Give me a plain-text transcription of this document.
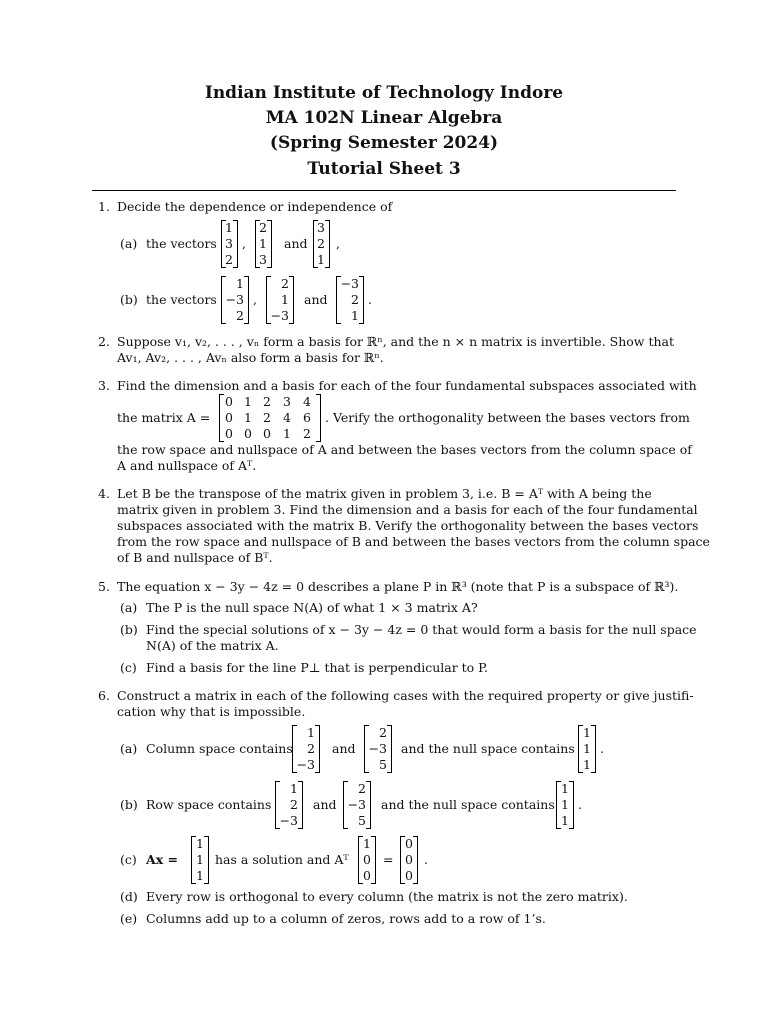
Indian Institute of Technology Indore
MA 102N Linear Algebra
(Spring Semester 2024)
Tutorial Sheet 3
1. Decide the dependence or independence of
(a) the vectors
1
3
2
,
2
1
3
and
3
2
1
,
(b) the vectors
1
−3
2
,
2
1
−3
and
−3
2
1
.
2. Suppose v₁, v₂, . . . , vₙ form a basis for ℝⁿ, and the n × n matrix is invertible. Show that
Av₁, Av₂, . . . , Avₙ also form a basis for ℝⁿ.
3. Find the dimension and a basis for each of the four fundamental subspaces associated with
the matrix A =
0 1 2 3 4
0 1 2 4 6
0 0 0 1 2
. Verify the orthogonality between the bases vectors from
the row space and nullspace of A and between the bases vectors from the column space of
A and nullspace of Aᵀ.
4. Let B be the transpose of the matrix given in problem 3, i.e. B = Aᵀ with A being the
matrix given in problem 3. Find the dimension and a basis for each of the four fundamental
subspaces associated with the matrix B. Verify the orthogonality between the bases vectors
from the row space and nullspace of B and between the bases vectors from the column space
of B and nullspace of Bᵀ.
5. The equation x − 3y − 4z = 0 describes a plane P in ℝ³ (note that P is a subspace of ℝ³).
(a) The P is the null space N(A) of what 1 × 3 matrix A?
(b) Find the special solutions of x − 3y − 4z = 0 that would form a basis for the null space
N(A) of the matrix A.
(c) Find a basis for the line P⊥ that is perpendicular to P.
6. Construct a matrix in each of the following cases with the required property or give justifi-
cation why that is impossible.
(a) Column space contains
1
2
−3
and
2
−3
5
and the null space contains
1
1
1
.
(b) Row space contains
1
2
−3
and
2
−3
5
and the null space contains
1
1
1
.
(c) Ax =
1
1
1
has a solution and Aᵀ
1
0
0
=
0
0
0
.
(d) Every row is orthogonal to every column (the matrix is not the zero matrix).
(e) Columns add up to a column of zeros, rows add to a row of 1’s.
